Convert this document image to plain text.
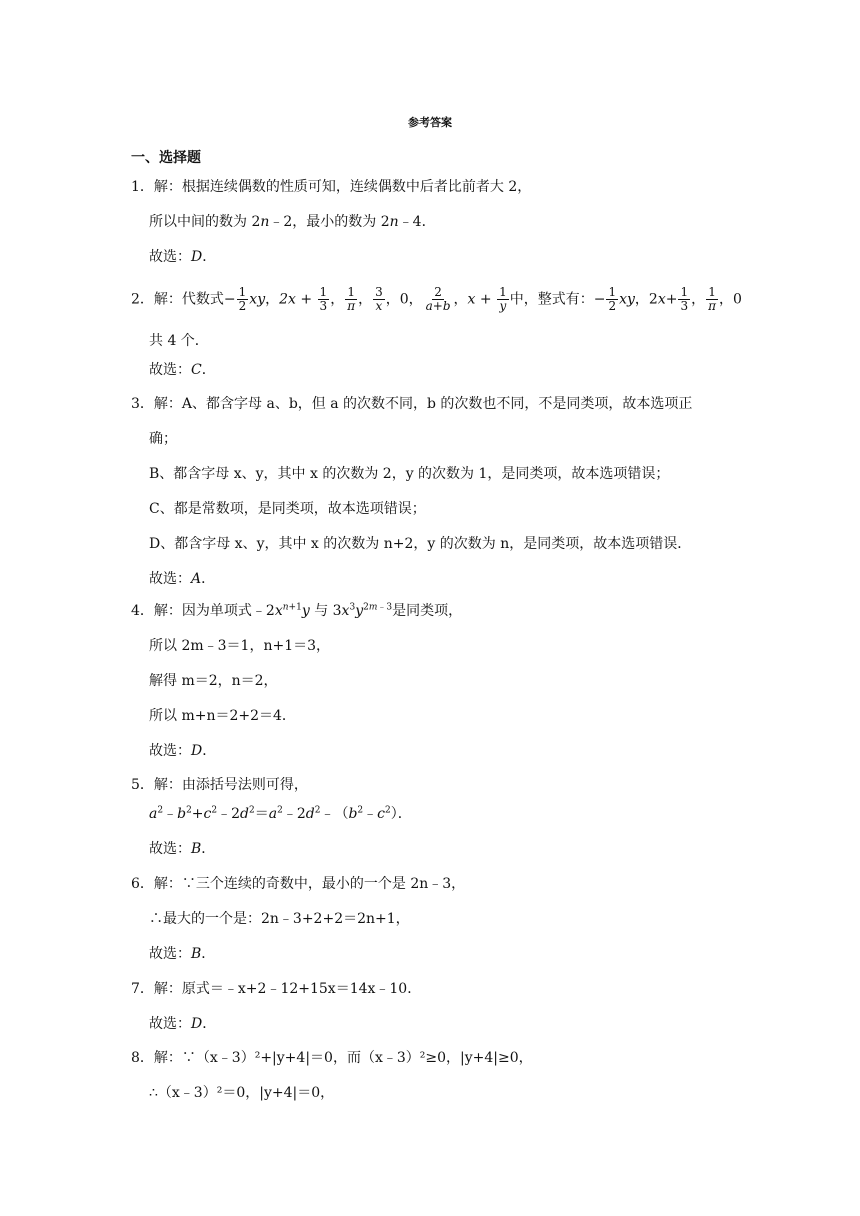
参考答案
一、选择题
1．解：根据连续偶数的性质可知，连续偶数中后者比前者大 2，
所以中间的数为 2n﹣2，最小的数为 2n﹣4．
故选：D．
2．解：代数式− $\frac{1}{2}$ xy，$2x + \frac{1}{3}$ ， $\frac{1}{\pi}$ ， $\frac{3}{x}$ ，0， $\frac{2}{a+b}$ ，$x + \frac{1}{y}$ 中，整式有：− $\frac{1}{2}$ xy，$2x+ \frac{1}{3}$ ， $\frac{1}{\pi}$ ，0
共 4 个．
故选：C．
3．解：A、都含字母 a、b，但 a 的次数不同，b 的次数也不同，不是同类项，故本选项正
确；
B、都含字母 x、y，其中 x 的次数为 2，y 的次数为 1，是同类项，故本选项错误；
C、都是常数项，是同类项，故本选项错误；
D、都含字母 x、y，其中 x 的次数为 n+2，y 的次数为 n，是同类项，故本选项错误．
故选：A．
4．解：因为单项式$﹣2x^{n+1}y$ 与 $3x^3y^{2m﹣3}$是同类项，
所以 2m﹣3＝1，n+1＝3，
解得 m＝2，n＝2，
所以 m+n＝2+2＝4．
故选：D．
5．解：由添括号法则可得，
$a^2﹣b^2+c^2﹣2d^2=a^2﹣2d^2﹣(b^2﹣c^2)$．
故选：B．
6．解：∵三个连续的奇数中，最小的一个是 2n﹣3，
∴最大的一个是：2n﹣3+2+2＝2n+1，
故选：B．
7．解：原式＝﹣x+2﹣12+15x＝14x﹣10．
故选：D．
8．解：∵（x﹣3）²+|y+4|＝0，而（x﹣3）²≥0，|y+4|≥0，
∴（x﹣3）²＝0，|y+4|＝0，
